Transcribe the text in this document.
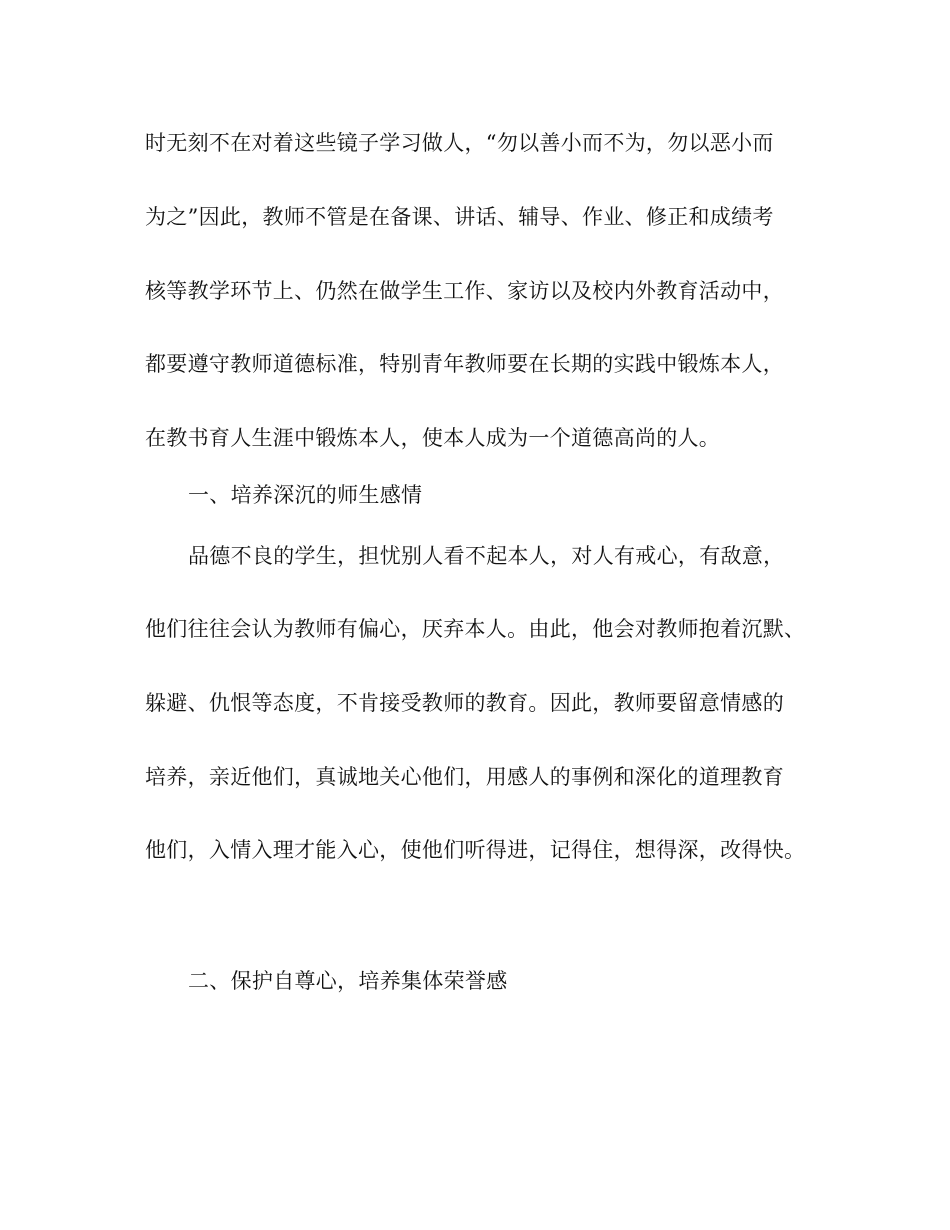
时无刻不在对着这些镜子学习做人，“勿以善小而不为，勿以恶小而
为之”因此，教师不管是在备课、讲话、辅导、作业、修正和成绩考
核等教学环节上、仍然在做学生工作、家访以及校内外教育活动中，
都要遵守教师道德标准，特别青年教师要在长期的实践中锻炼本人，
在教书育人生涯中锻炼本人，使本人成为一个道德高尚的人。
一、培养深沉的师生感情
品德不良的学生，担忧别人看不起本人，对人有戒心，有敌意，
他们往往会认为教师有偏心，厌弃本人。由此，他会对教师抱着沉默、
躲避、仇恨等态度，不肯接受教师的教育。因此，教师要留意情感的
培养，亲近他们，真诚地关心他们，用感人的事例和深化的道理教育
他们，入情入理才能入心，使他们听得进，记得住，想得深，改得快。
二、保护自尊心，培养集体荣誉感
